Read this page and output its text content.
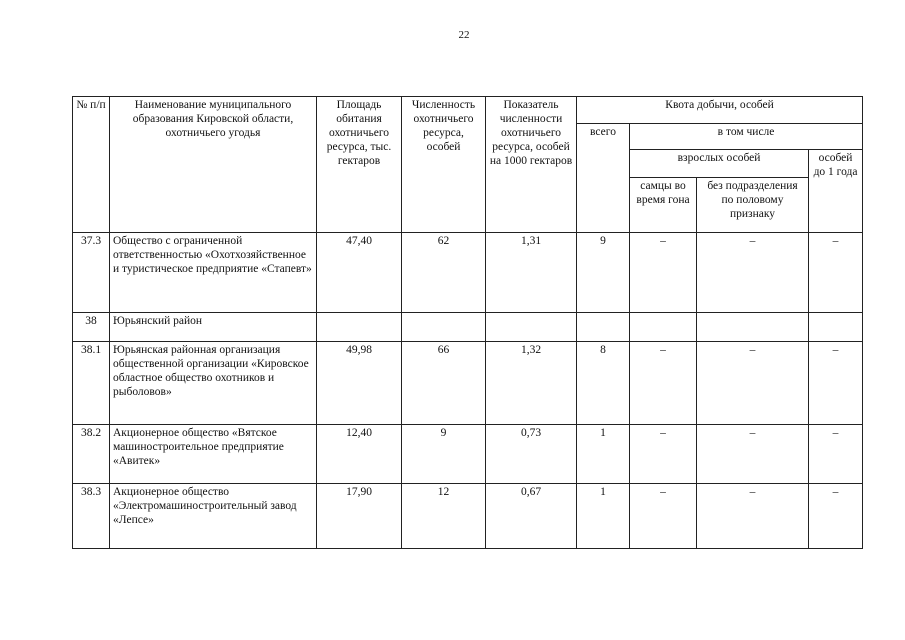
22
№ п/п	Наименование муниципального образования Кировской области, охотничьего угодья	Площадь обитания охотничьего ресурса, тыс. гектаров	Численность охотничьего ресурса, особей	Показатель численности охотничьего ресурса, особей на 1000 гектаров	Квота добычи, особей			
					всего	в том числе		
						взрослых особей		особей до 1 года
						самцы во время гона	без подразделения по половому признаку	
37.3	Общество с ограниченной ответственностью «Охотхозяйственное и туристическое предприятие «Стапевт»	47,40	62	1,31	9	–	–	–
38	Юрьянский район							
38.1	Юрьянская районная организация общественной организации «Кировское областное общество охотников и рыболовов»	49,98	66	1,32	8	–	–	–
38.2	Акционерное общество «Вятское машиностроительное предприятие «Авитек»	12,40	9	0,73	1	–	–	–
38.3	Акционерное общество «Электромашиностроительный завод «Лепсе»	17,90	12	0,67	1	–	–	–
